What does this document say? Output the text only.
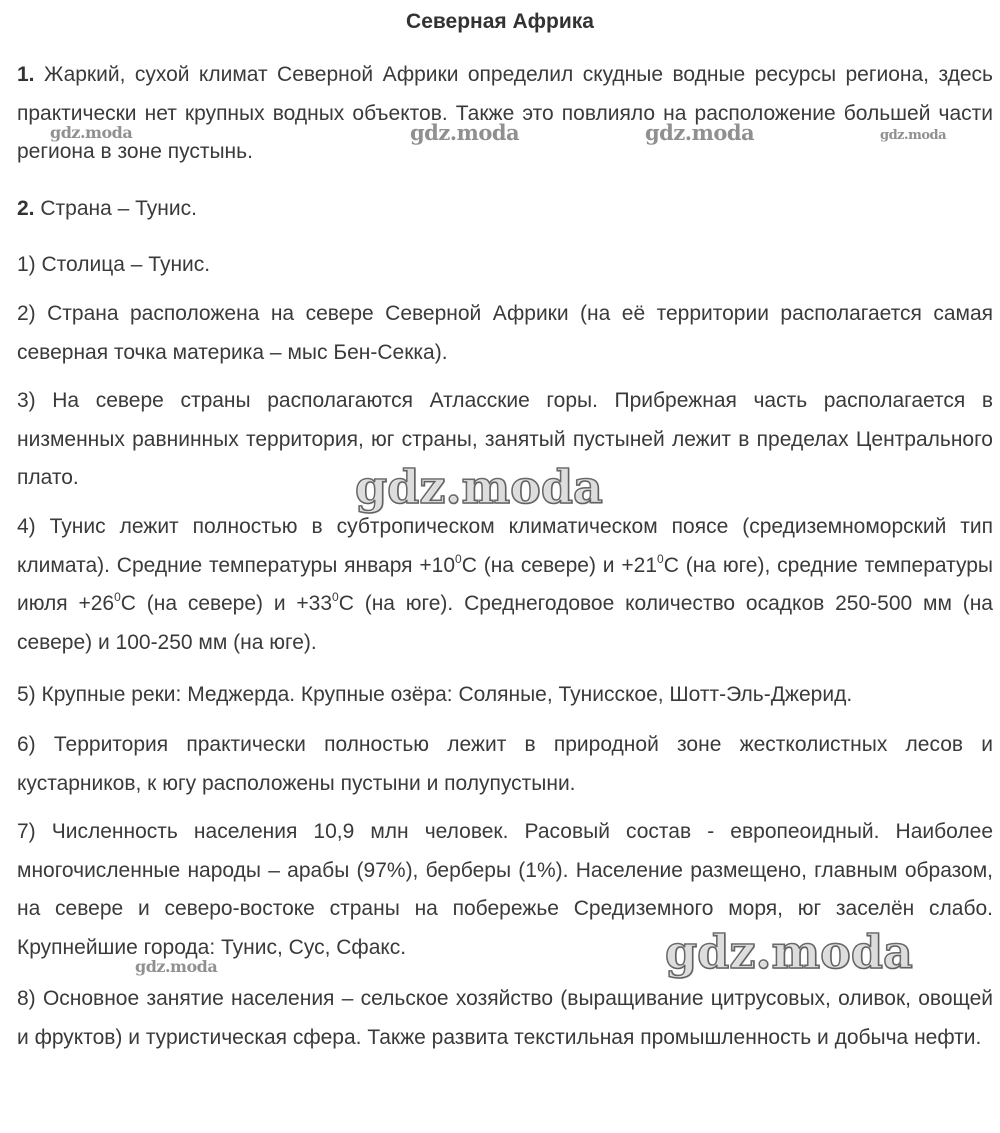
Северная Африка
1. Жаркий, сухой климат Северной Африки определил скудные водные ресурсы региона, здесь практически нет крупных водных объектов. Также это повлияло на расположение большей части региона в зоне пустынь.
2. Страна – Тунис.
1) Столица – Тунис.
2) Страна расположена на севере Северной Африки (на её территории располагается самая северная точка материка – мыс Бен-Секка).
3) На севере страны располагаются Атласские горы. Прибрежная часть располагается в низменных равнинных территория, юг страны, занятый пустыней лежит в пределах Центрального плато.
4) Тунис лежит полностью в субтропическом климатическом поясе (средиземноморский тип климата). Средние температуры января $+10^0C$ (на севере) $и +21^0C$ (на юге), средние температуры июля $+26^0C$ (на севере) $и +33^0C$ (на юге). Среднегодовое количество осадков 250-500 мм (на севере) и 100-250 мм (на юге).
5) Крупные реки: Меджерда. Крупные озёра: Соляные, Тунисское, Шотт-Эль-Джерид.
6) Территория практически полностью лежит в природной зоне жестколистных лесов и кустарников, к югу расположены пустыни и полупустыни.
7) Численность населения 10,9 млн человек. Расовый состав - европеоидный. Наиболее многочисленные народы – арабы (97%), берберы (1%). Население размещено, главным образом, на севере и северо-востоке страны на побережье Средиземного моря, юг заселён слабо. Крупнейшие города: Тунис, Сус, Сфакс.
8) Основное занятие населения – сельское хозяйство (выращивание цитрусовых, оливок, овощей и фруктов) и туристическая сфера. Также развита текстильная промышленность и добыча нефти.
gdz.moda	gdz.moda	gdz.moda	gdz.moda
gdz.moda
gdz.moda
gdz.moda
